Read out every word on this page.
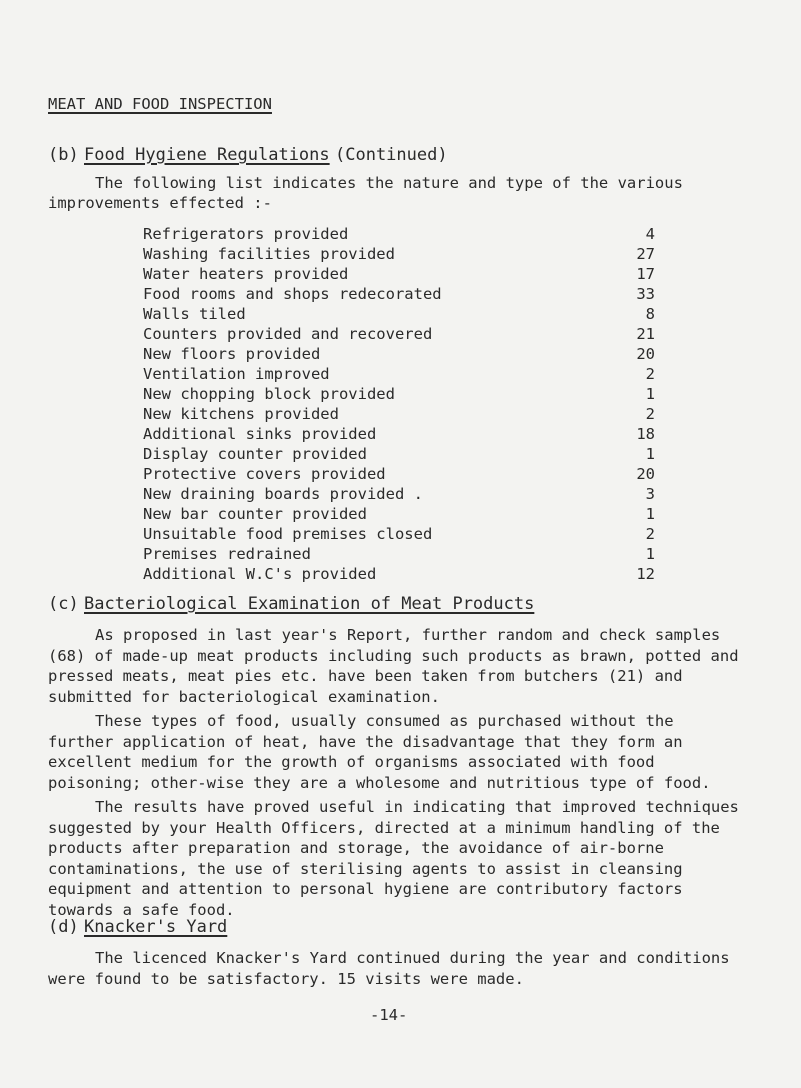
MEAT AND FOOD INSPECTION
(b) Food Hygiene Regulations (Continued)
The following list indicates the nature and type of the various
improvements effected :-
Refrigerators provided	4
Washing facilities provided	27
Water heaters provided	17
Food rooms and shops redecorated	33
Walls tiled	8
Counters provided and recovered	21
New floors provided	20
Ventilation improved	2
New chopping block provided	1
New kitchens provided	2
Additional sinks provided	18
Display counter provided	1
Protective covers provided	20
New draining boards provided .	3
New bar counter provided	1
Unsuitable food premises closed	2
Premises redrained	1
Additional W.C's provided	12
(c) Bacteriological Examination of Meat Products

As proposed in last year's Report, further random and check samples (68) of made-up meat products including such products as brawn, potted and pressed meats, meat pies etc. have been taken from butchers (21) and submitted for bacteriological examination.

These types of food, usually consumed as purchased without the further application of heat, have the disadvantage that they form an excellent medium for the growth of organisms associated with food poisoning; other-wise they are a wholesome and nutritious type of food.

The results have proved useful in indicating that improved techniques suggested by your Health Officers, directed at a minimum handling of the products after preparation and storage, the avoidance of air-borne contaminations, the use of sterilising agents to assist in cleansing equipment and attention to personal hygiene are contributory factors towards a safe food.

(d) Knacker's Yard

The licenced Knacker's Yard continued during the year and conditions were found to be satisfactory. 15 visits were made.

-14-
